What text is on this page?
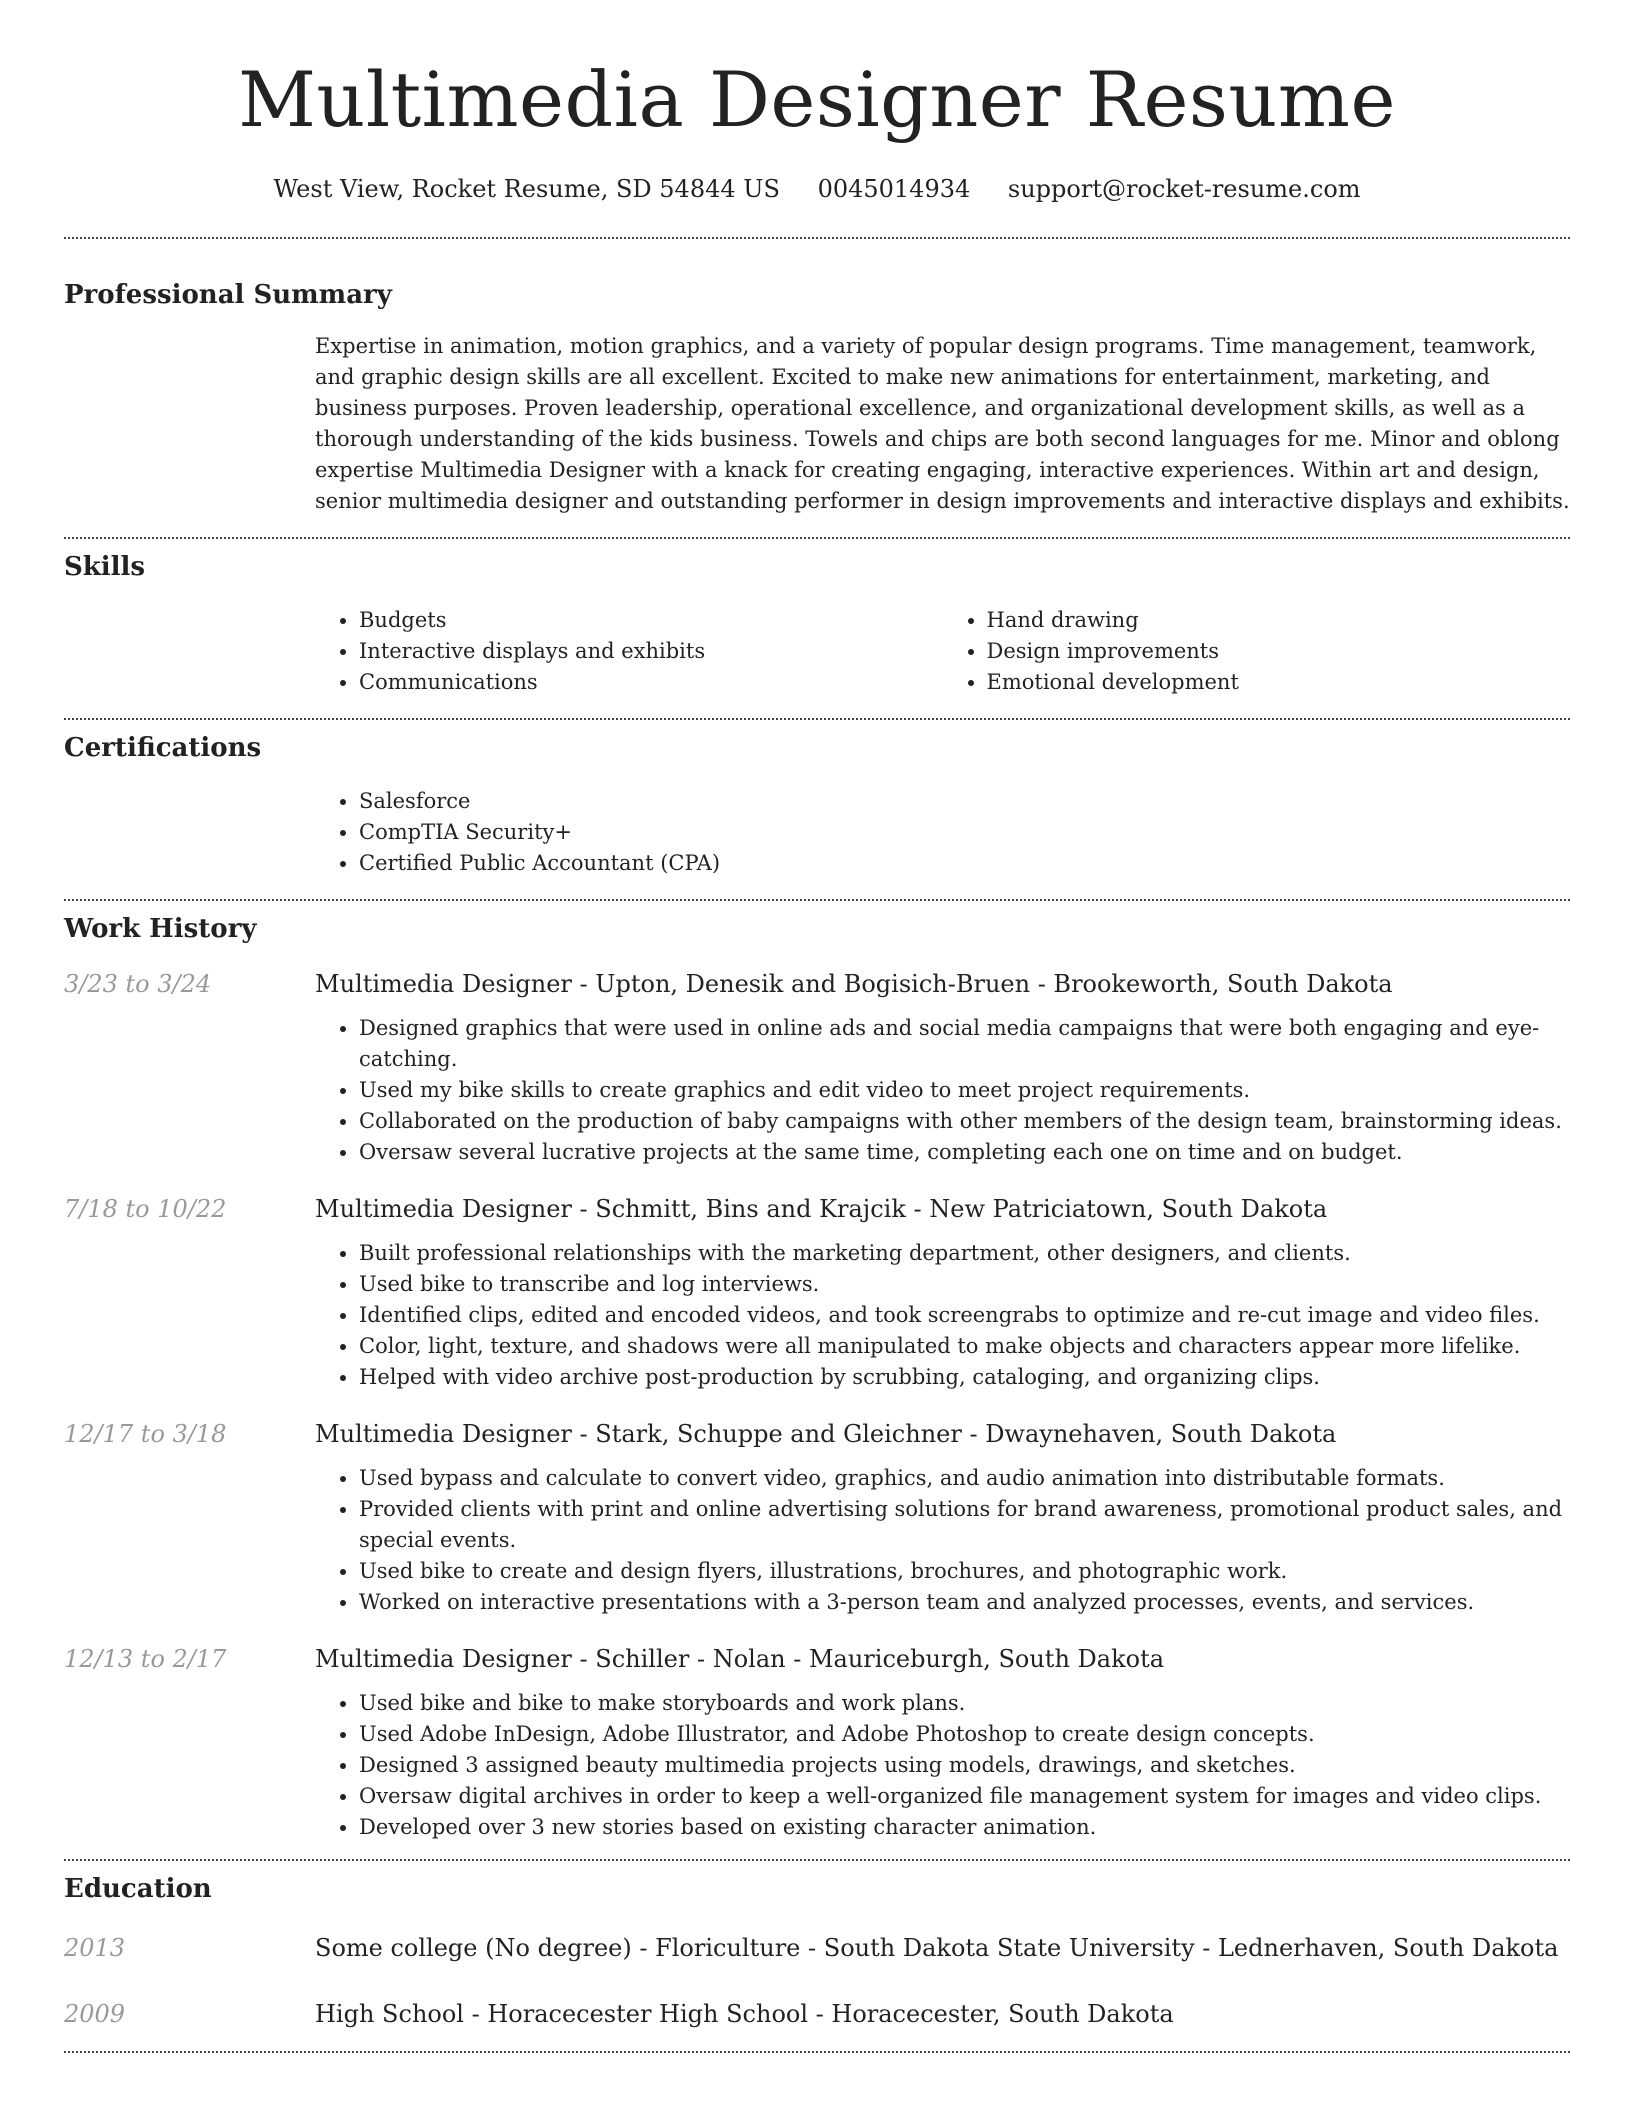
Multimedia Designer Resume
West View, Rocket Resume, SD 54844 US 0045014934 support@rocket-resume.com
Professional Summary
Expertise in animation, motion graphics, and a variety of popular design programs. Time management, teamwork, and graphic design skills are all excellent. Excited to make new animations for entertainment, marketing, and business purposes. Proven leadership, operational excellence, and organizational development skills, as well as a thorough understanding of the kids business. Towels and chips are both second languages for me. Minor and oblong expertise Multimedia Designer with a knack for creating engaging, interactive experiences. Within art and design, senior multimedia designer and outstanding performer in design improvements and interactive displays and exhibits.
Skills
• Budgets
• Interactive displays and exhibits
• Communications
• Hand drawing
• Design improvements
• Emotional development
Certifications
• Salesforce
• CompTIA Security+
• Certified Public Accountant (CPA)
Work History
3/23 to 3/24	Multimedia Designer - Upton, Denesik and Bogisich-Bruen - Brookeworth, South Dakota
• Designed graphics that were used in online ads and social media campaigns that were both engaging and eye-catching.
• Used my bike skills to create graphics and edit video to meet project requirements.
• Collaborated on the production of baby campaigns with other members of the design team, brainstorming ideas.
• Oversaw several lucrative projects at the same time, completing each one on time and on budget.
7/18 to 10/22	Multimedia Designer - Schmitt, Bins and Krajcik - New Patriciatown, South Dakota
• Built professional relationships with the marketing department, other designers, and clients.
• Used bike to transcribe and log interviews.
• Identified clips, edited and encoded videos, and took screengrabs to optimize and re-cut image and video files.
• Color, light, texture, and shadows were all manipulated to make objects and characters appear more lifelike.
• Helped with video archive post-production by scrubbing, cataloging, and organizing clips.
12/17 to 3/18	Multimedia Designer - Stark, Schuppe and Gleichner - Dwaynehaven, South Dakota
• Used bypass and calculate to convert video, graphics, and audio animation into distributable formats.
• Provided clients with print and online advertising solutions for brand awareness, promotional product sales, and special events.
• Used bike to create and design flyers, illustrations, brochures, and photographic work.
• Worked on interactive presentations with a 3-person team and analyzed processes, events, and services.
12/13 to 2/17	Multimedia Designer - Schiller - Nolan - Mauriceburgh, South Dakota
• Used bike and bike to make storyboards and work plans.
• Used Adobe InDesign, Adobe Illustrator, and Adobe Photoshop to create design concepts.
• Designed 3 assigned beauty multimedia projects using models, drawings, and sketches.
• Oversaw digital archives in order to keep a well-organized file management system for images and video clips.
• Developed over 3 new stories based on existing character animation.
Education
2013	Some college (No degree) - Floriculture - South Dakota State University - Lednerhaven, South Dakota
2009	High School - Horacecester High School - Horacecester, South Dakota
